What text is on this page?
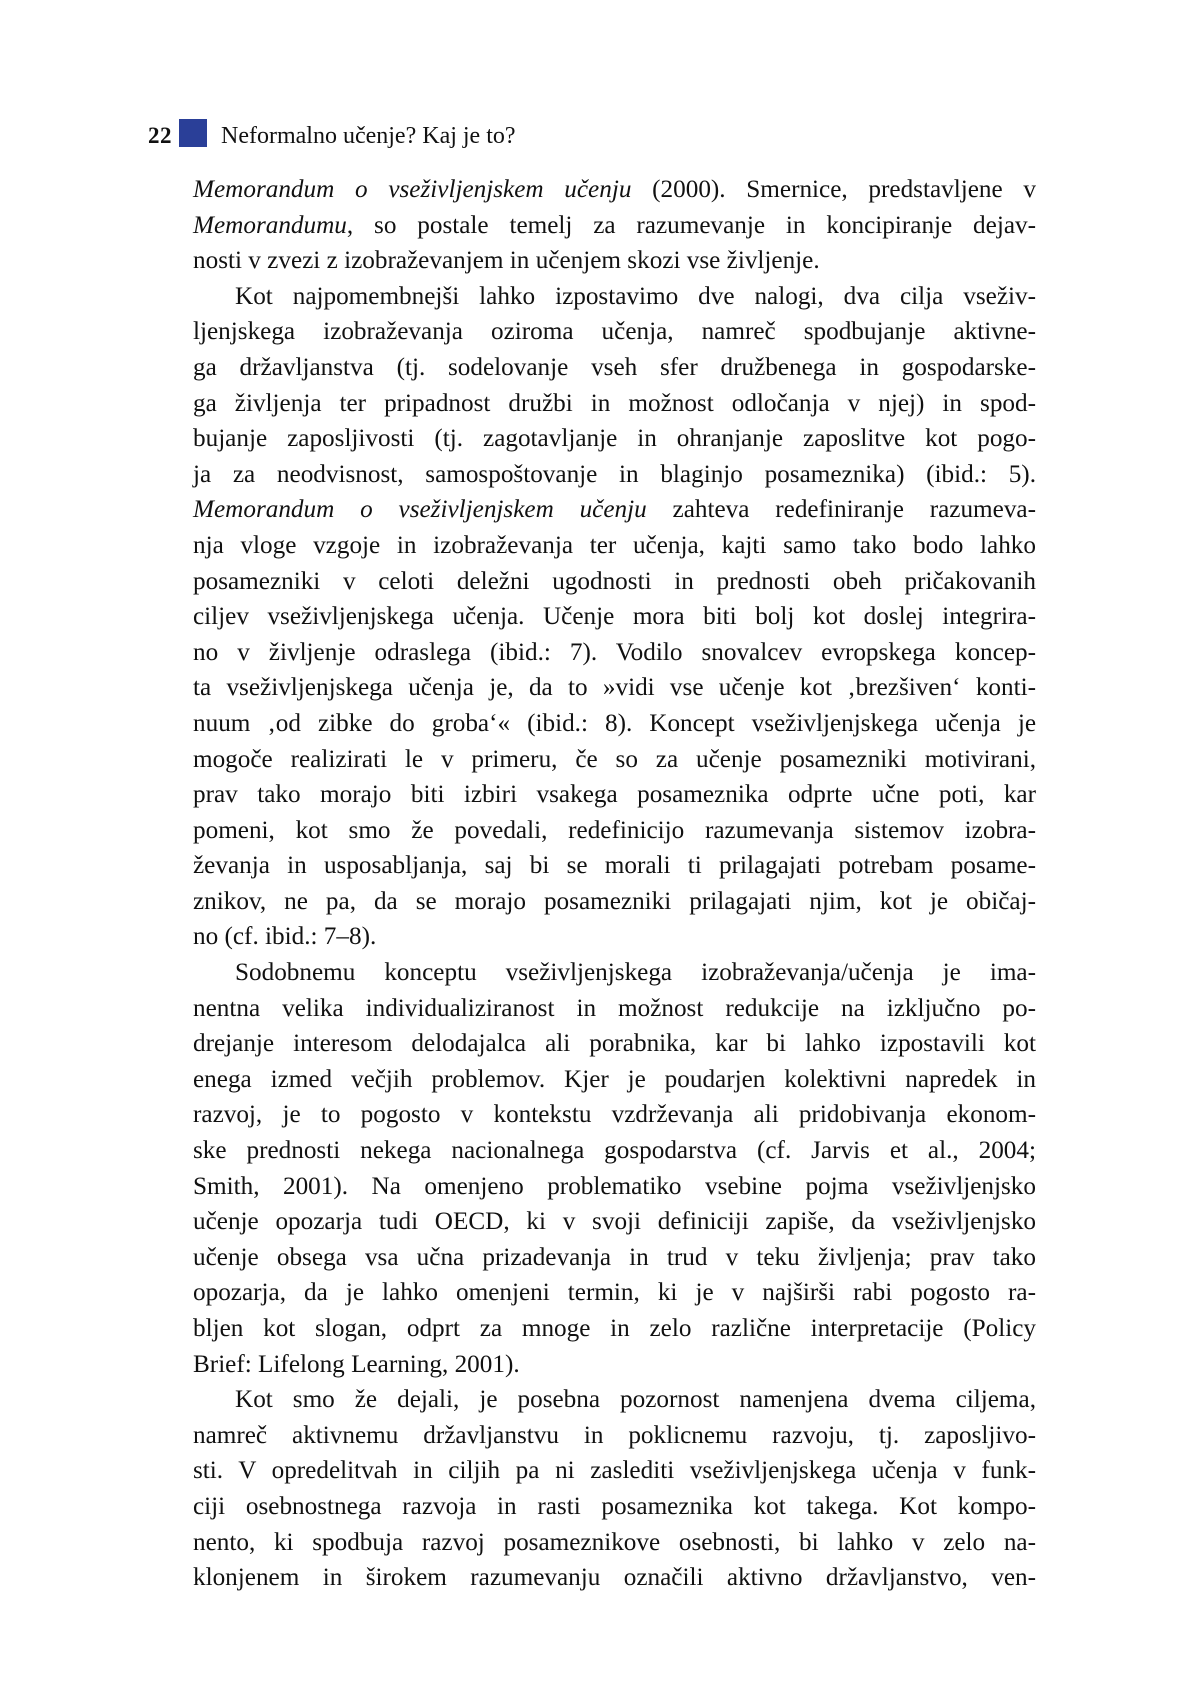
22 Neformalno učenje? Kaj je to?
Memorandum o vseživljenjskem učenju (2000). Smernice, predstavljene v
Memorandumu, so postale temelj za razumevanje in koncipiranje dejav-
nosti v zvezi z izobraževanjem in učenjem skozi vse življenje.
Kot najpomembnejši lahko izpostavimo dve nalogi, dva cilja vseživ-
ljenjskega izobraževanja oziroma učenja, namreč spodbujanje aktivne-
ga državljanstva (tj. sodelovanje vseh sfer družbenega in gospodarske-
ga življenja ter pripadnost družbi in možnost odločanja v njej) in spod-
bujanje zaposljivosti (tj. zagotavljanje in ohranjanje zaposlitve kot pogo-
ja za neodvisnost, samospoštovanje in blaginjo posameznika) (ibid.: 5).
Memorandum o vseživljenjskem učenju zahteva redefiniranje razumeva-
nja vloge vzgoje in izobraževanja ter učenja, kajti samo tako bodo lahko
posamezniki v celoti deležni ugodnosti in prednosti obeh pričakovanih
ciljev vseživljenjskega učenja. Učenje mora biti bolj kot doslej integrira-
no v življenje odraslega (ibid.: 7). Vodilo snovalcev evropskega koncep-
ta vseživljenjskega učenja je, da to »vidi vse učenje kot ‚brezšiven‘ konti-
nuum ‚od zibke do groba‘« (ibid.: 8). Koncept vseživljenjskega učenja je
mogoče realizirati le v primeru, če so za učenje posamezniki motivirani,
prav tako morajo biti izbiri vsakega posameznika odprte učne poti, kar
pomeni, kot smo že povedali, redefinicijo razumevanja sistemov izobra-
ževanja in usposabljanja, saj bi se morali ti prilagajati potrebam posame-
znikov, ne pa, da se morajo posamezniki prilagajati njim, kot je običaj-
no (cf. ibid.: 7–8).
Sodobnemu konceptu vseživljenjskega izobraževanja/učenja je ima-
nentna velika individualiziranost in možnost redukcije na izključno po-
drejanje interesom delodajalca ali porabnika, kar bi lahko izpostavili kot
enega izmed večjih problemov. Kjer je poudarjen kolektivni napredek in
razvoj, je to pogosto v kontekstu vzdrževanja ali pridobivanja ekonom-
ske prednosti nekega nacionalnega gospodarstva (cf. Jarvis et al., 2004;
Smith, 2001). Na omenjeno problematiko vsebine pojma vseživljenjsko
učenje opozarja tudi OECD, ki v svoji definiciji zapiše, da vseživljenjsko
učenje obsega vsa učna prizadevanja in trud v teku življenja; prav tako
opozarja, da je lahko omenjeni termin, ki je v najširši rabi pogosto ra-
bljen kot slogan, odprt za mnoge in zelo različne interpretacije (Policy
Brief: Lifelong Learning, 2001).
Kot smo že dejali, je posebna pozornost namenjena dvema ciljema,
namreč aktivnemu državljanstvu in poklicnemu razvoju, tj. zaposljivo-
sti. V opredelitvah in ciljih pa ni zaslediti vseživljenjskega učenja v funk-
ciji osebnostnega razvoja in rasti posameznika kot takega. Kot kompo-
nento, ki spodbuja razvoj posameznikove osebnosti, bi lahko v zelo na-
klonjenem in širokem razumevanju označili aktivno državljanstvo, ven-
